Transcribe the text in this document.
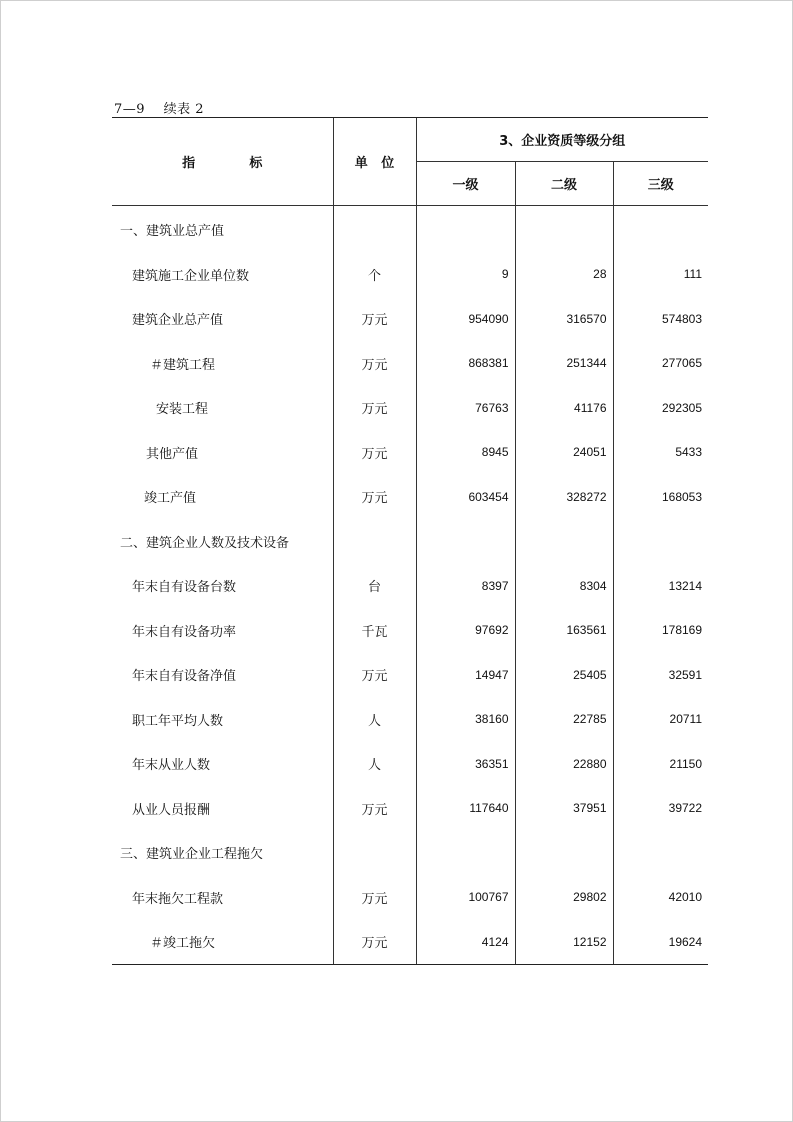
7—9    续表 2
指            标	单   位	3、企业资质等级分组		
		一级	二级	三级
一、建筑业总产值				
建筑施工企业单位数	个	9	28	111
建筑企业总产值	万元	954090	316570	574803
＃建筑工程	万元	868381	251344	277065
安装工程	万元	76763	41176	292305
其他产值	万元	8945	24051	5433
竣工产值	万元	603454	328272	168053
二、建筑企业人数及技术设备				
年末自有设备台数	台	8397	8304	13214
年末自有设备功率	千瓦	97692	163561	178169
年末自有设备净值	万元	14947	25405	32591
职工年平均人数	人	38160	22785	20711
年末从业人数	人	36351	22880	21150
从业人员报酬	万元	117640	37951	39722
三、建筑业企业工程拖欠				
年末拖欠工程款	万元	100767	29802	42010
＃竣工拖欠	万元	4124	12152	19624
